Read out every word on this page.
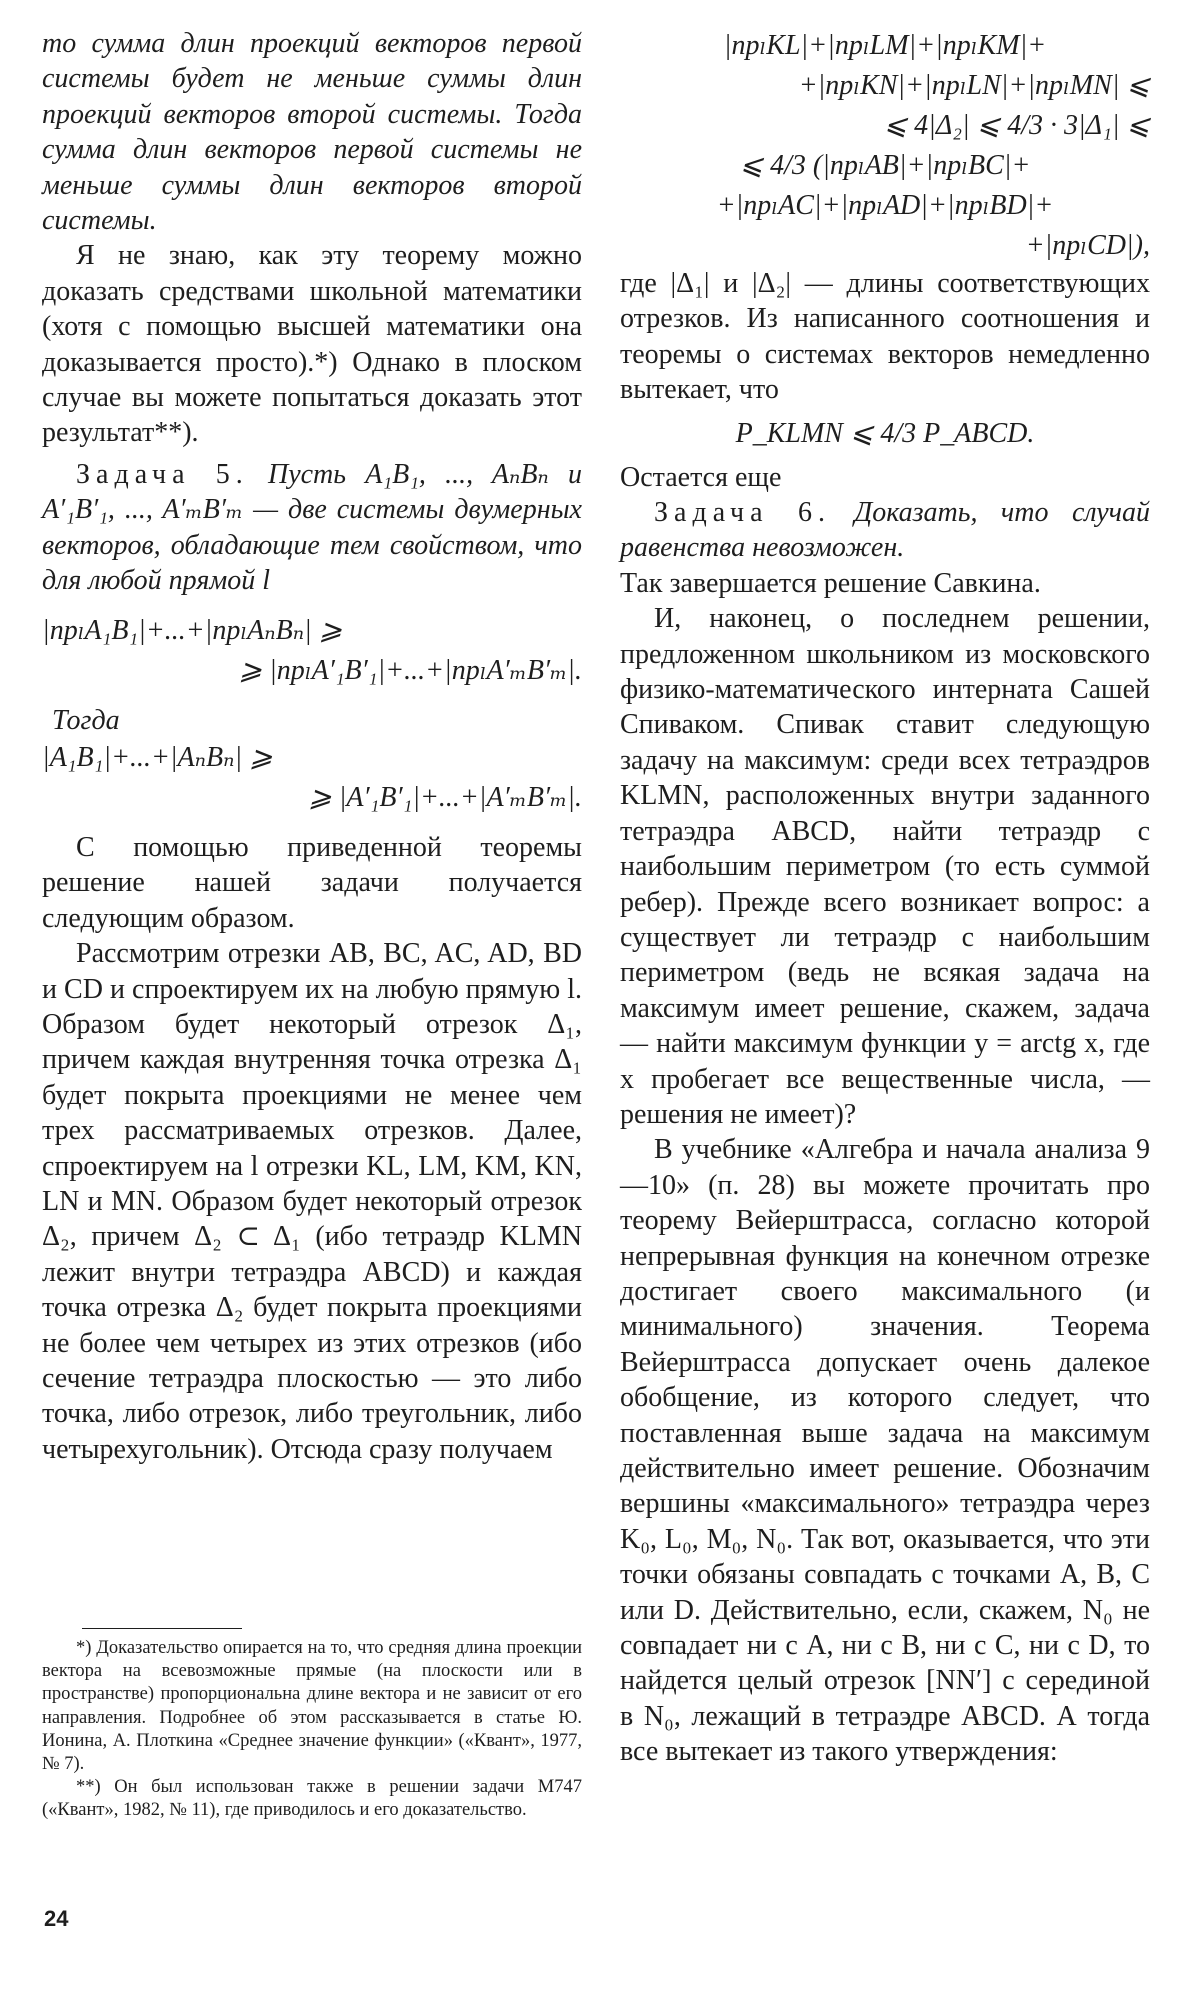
то сумма длин проекций векторов первой системы будет не меньше суммы длин проекций векторов второй системы. Тогда сумма длин векторов первой системы не меньше суммы длин векторов второй системы.

Я не знаю, как эту теорему можно доказать средствами школьной математики (хотя с помощью высшей математики она доказывается просто).*) Однако в плоском случае вы можете попытаться доказать этот результат**).

Задача 5. Пусть A₁B₁, ..., AₙBₙ и A′₁B′₁, ..., A′ₘB′ₘ — две системы двумерных векторов, обладающие тем свойством, что для любой прямой l

|прₗA₁B₁|+...+|прₗAₙBₙ| ⩾
⩾ |прₗA′₁B′₁|+...+|прₗA′ₘB′ₘ|.

Тогда

|A₁B₁|+...+|AₙBₙ| ⩾
⩾ |A′₁B′₁|+...+|A′ₘB′ₘ|.

С помощью приведенной теоремы решение нашей задачи получается следующим образом.

Рассмотрим отрезки AB, BC, AC, AD, BD и CD и спроектируем их на любую прямую l. Образом будет некоторый отрезок Δ₁, причем каждая внутренняя точка отрезка Δ₁ будет покрыта проекциями не менее чем трех рассматриваемых отрезков. Далее, спроектируем на l отрезки KL, LM, KM, KN, LN и MN. Образом будет некоторый отрезок Δ₂, причем Δ₂ ⊂ Δ₁ (ибо тетраэдр KLMN лежит внутри тетраэдра ABCD) и каждая точка отрезка Δ₂ будет покрыта проекциями не более чем четырех из этих отрезков (ибо сечение тетраэдра плоскостью — это либо точка, либо отрезок, либо треугольник, либо четырехугольник). Отсюда сразу получаем

*) Доказательство опирается на то, что средняя длина проекции вектора на всевозможные прямые (на плоскости или в пространстве) пропорциональна длине вектора и не зависит от его направления. Подробнее об этом рассказывается в статье Ю. Ионина, А. Плоткина «Среднее значение функции» («Квант», 1977, № 7).

**) Он был использован также в решении задачи М747 («Квант», 1982, № 11), где приводилось и его доказательство.

|прₗKL|+|прₗLM|+|прₗKM|+
+|прₗKN|+|прₗLN|+|прₗMN| ⩽
⩽ 4|Δ₂| ⩽ 4/3 · 3|Δ₁| ⩽
⩽ 4/3 (|прₗAB|+|прₗBC|+
+|прₗAC|+|прₗAD|+|прₗBD|+
+|прₗCD|),

где |Δ₁| и |Δ₂| — длины соответствующих отрезков. Из написанного соотношения и теоремы о системах векторов немедленно вытекает, что

P_KLMN ⩽ 4/3 P_ABCD.

Остается еще

Задача 6. Доказать, что случай равенства невозможен.

Так завершается решение Савкина.

И, наконец, о последнем решении, предложенном школьником из московского физико-математического интерната Сашей Спиваком. Спивак ставит следующую задачу на максимум: среди всех тетраэдров KLMN, расположенных внутри заданного тетраэдра ABCD, найти тетраэдр с наибольшим периметром (то есть суммой ребер). Прежде всего возникает вопрос: а существует ли тетраэдр с наибольшим периметром (ведь не всякая задача на максимум имеет решение, скажем, задача — найти максимум функции y = arctg x, где x пробегает все вещественные числа, — решения не имеет)?

В учебнике «Алгебра и начала анализа 9—10» (п. 28) вы можете прочитать про теорему Вейерштрасса, согласно которой непрерывная функция на конечном отрезке достигает своего максимального (и минимального) значения. Теорема Вейерштрасса допускает очень далекое обобщение, из которого следует, что поставленная выше задача на максимум действительно имеет решение. Обозначим вершины «максимального» тетраэдра через K₀, L₀, M₀, N₀. Так вот, оказывается, что эти точки обязаны совпадать с точками A, B, C или D. Действительно, если, скажем, N₀ не совпадает ни с A, ни с B, ни с C, ни с D, то найдется целый отрезок [NN′] с серединой в N₀, лежащий в тетраэдре ABCD. А тогда все вытекает из такого утверждения:

24
